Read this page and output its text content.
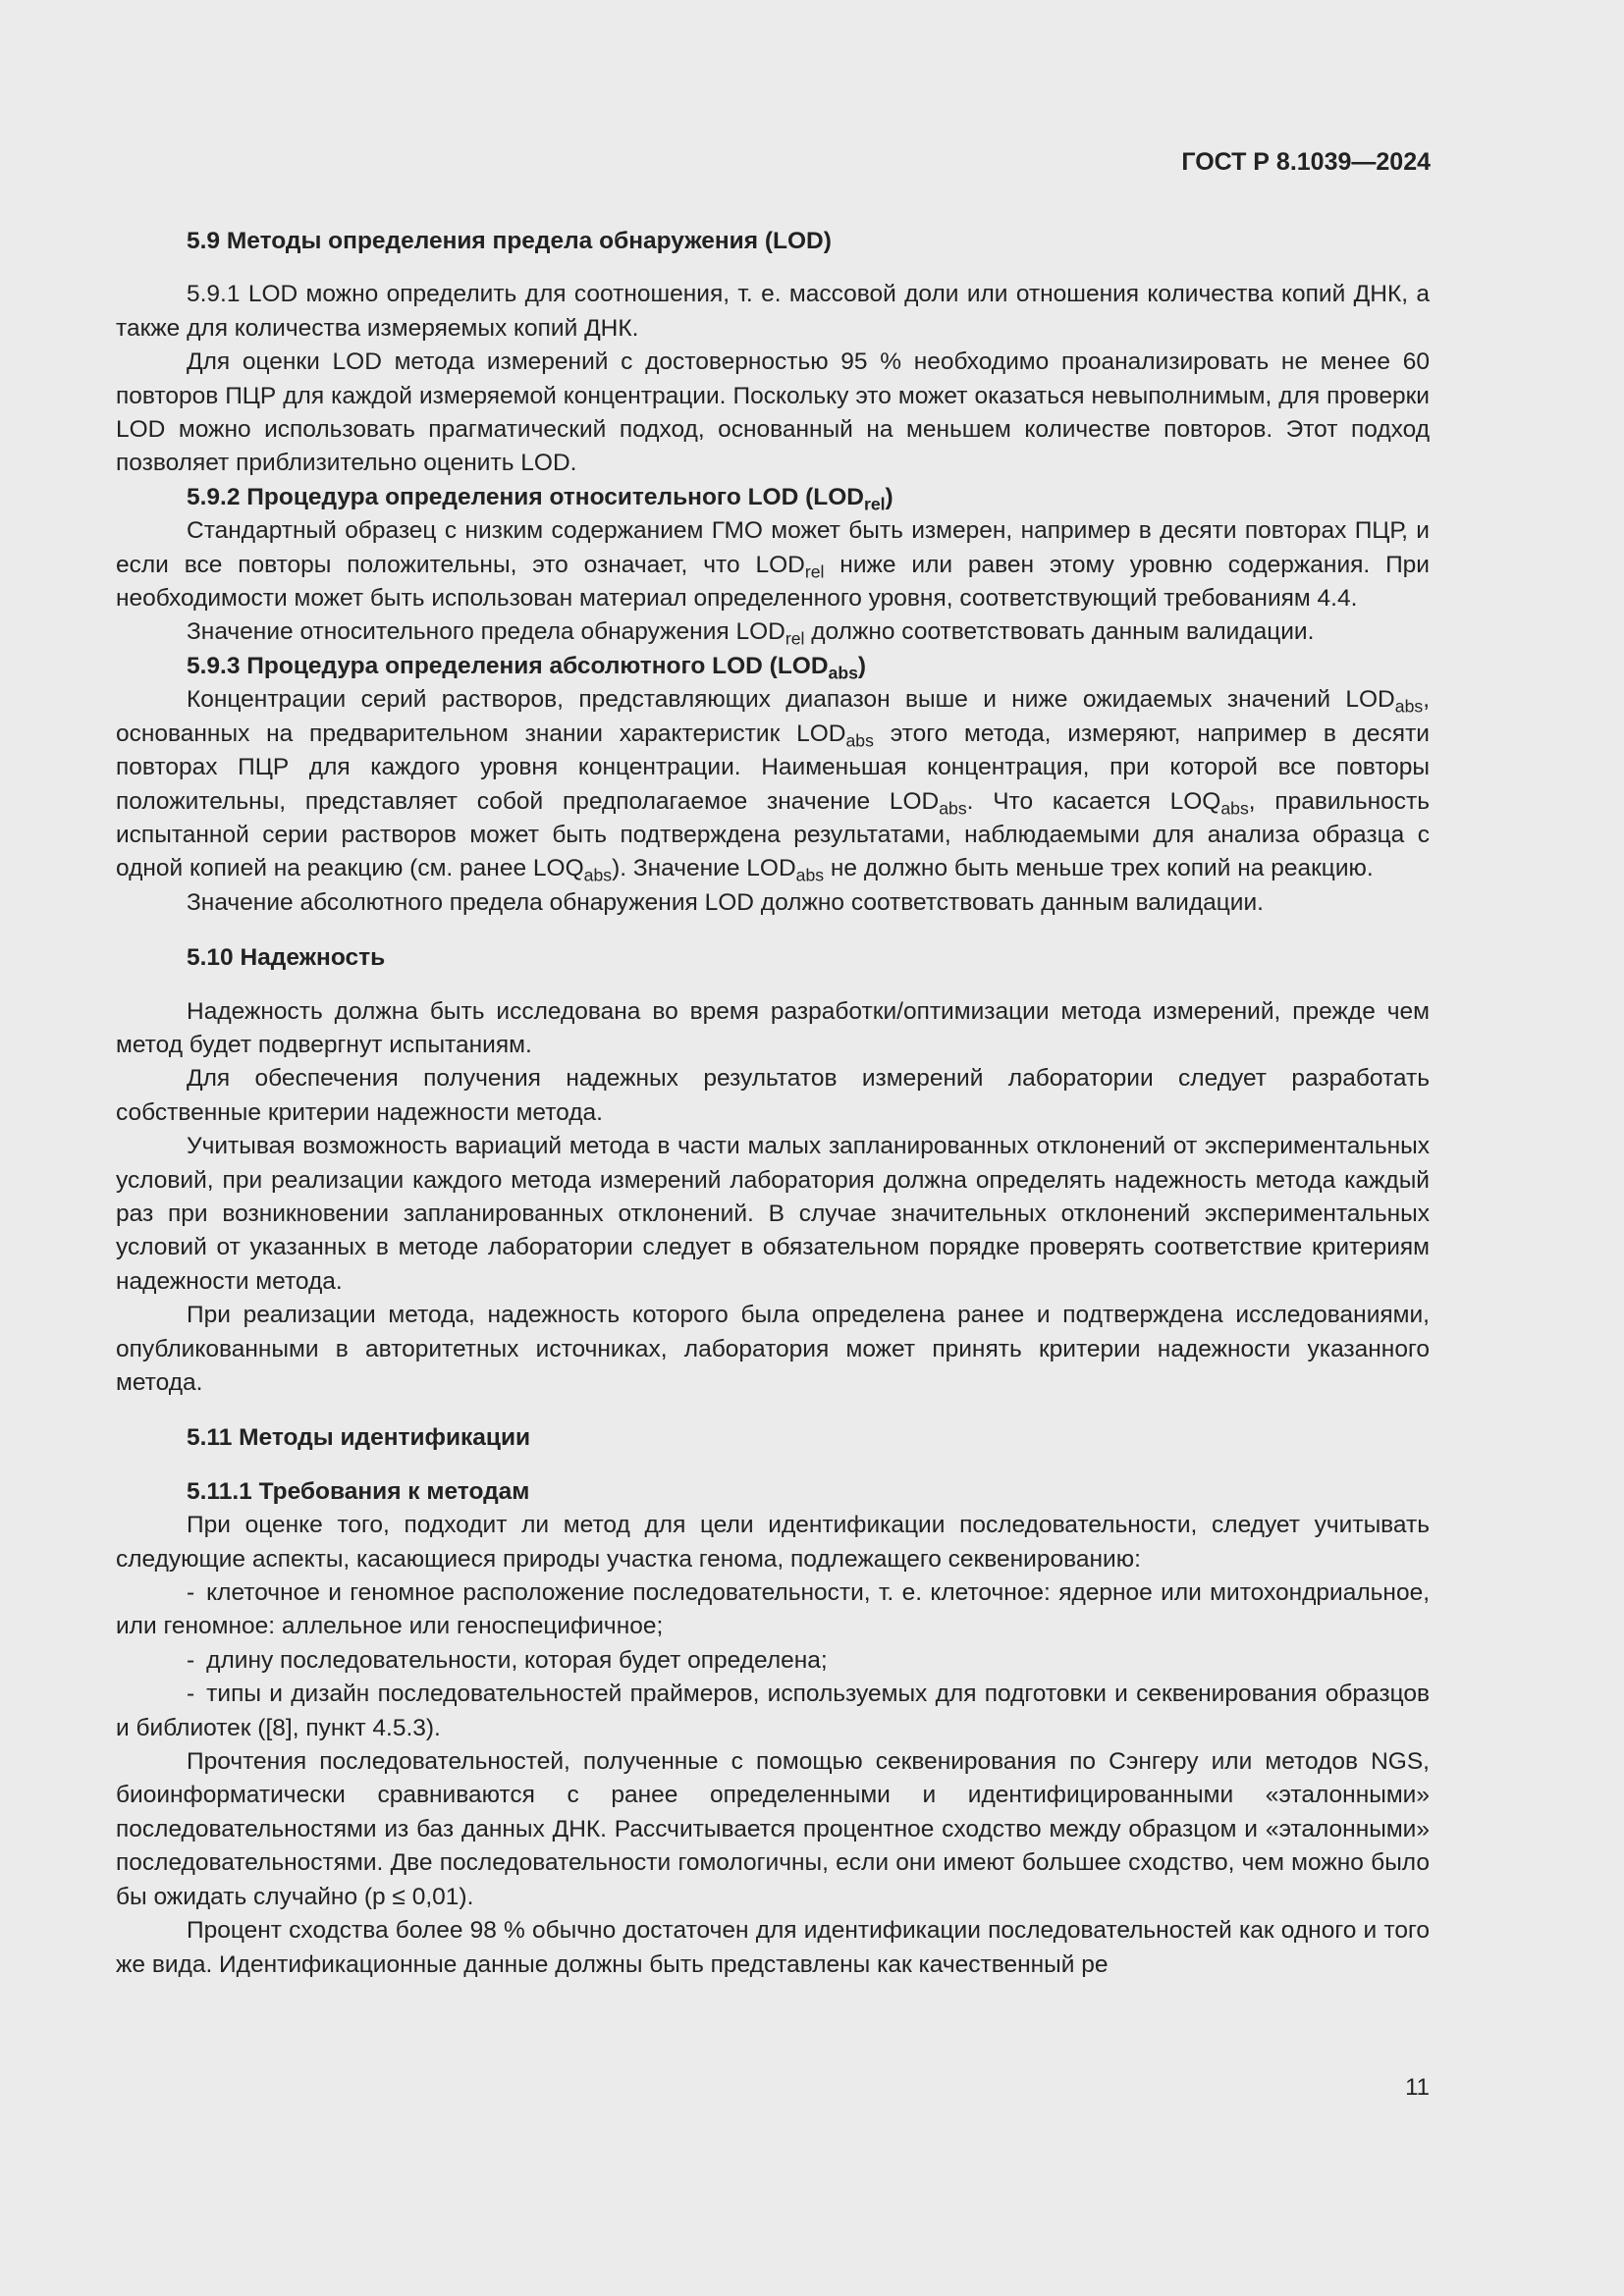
ГОСТ Р 8.1039—2024
5.9 Методы определения предела обнаружения (LOD)
5.9.1 LOD можно определить для соотношения, т. е. массовой доли или отношения количества копий ДНК, а также для количества измеряемых копий ДНК.
Для оценки LOD метода измерений с достоверностью 95 % необходимо проанализировать не менее 60 повторов ПЦР для каждой измеряемой концентрации. Поскольку это может оказаться невыполнимым, для проверки LOD можно использовать прагматический подход, основанный на меньшем количестве повторов. Этот подход позволяет приблизительно оценить LOD.
5.9.2 Процедура определения относительного LOD $(LOD_{rel})$
Стандартный образец с низким содержанием ГМО может быть измерен, например в десяти повторах ПЦР, и если все повторы положительны, это означает, что $LOD_{rel}$ ниже или равен этому уровню содержания. При необходимости может быть использован материал определенного уровня, соответствующий требованиям 4.4.
Значение относительного предела обнаружения $LOD_{rel}$ должно соответствовать данным валидации.
5.9.3 Процедура определения абсолютного LOD $(LOD_{abs})$
Концентрации серий растворов, представляющих диапазон выше и ниже ожидаемых значений $LOD_{abs}$, основанных на предварительном знании характеристик $LOD_{abs}$ этого метода, измеряют, например в десяти повторах ПЦР для каждого уровня концентрации. Наименьшая концентрация, при которой все повторы положительны, представляет собой предполагаемое значение $LOD_{abs}$. Что касается $LOQ_{abs}$, правильность испытанной серии растворов может быть подтверждена результатами, наблюдаемыми для анализа образца с одной копией на реакцию (см. ранее $LOQ_{abs}$). Значение $LOD_{abs}$ не должно быть меньше трех копий на реакцию.
Значение абсолютного предела обнаружения LOD должно соответствовать данным валидации.
5.10 Надежность
Надежность должна быть исследована во время разработки/оптимизации метода измерений, прежде чем метод будет подвергнут испытаниям.
Для обеспечения получения надежных результатов измерений лаборатории следует разработать собственные критерии надежности метода.
Учитывая возможность вариаций метода в части малых запланированных отклонений от экспериментальных условий, при реализации каждого метода измерений лаборатория должна определять надежность метода каждый раз при возникновении запланированных отклонений. В случае значительных отклонений экспериментальных условий от указанных в методе лаборатории следует в обязательном порядке проверять соответствие критериям надежности метода.
При реализации метода, надежность которого была определена ранее и подтверждена исследованиями, опубликованными в авторитетных источниках, лаборатория может принять критерии надежности указанного метода.
5.11 Методы идентификации
5.11.1 Требования к методам
При оценке того, подходит ли метод для цели идентификации последовательности, следует учитывать следующие аспекты, касающиеся природы участка генома, подлежащего секвенированию:
- клеточное и геномное расположение последовательности, т. е. клеточное: ядерное или митохондриальное, или геномное: аллельное или геноспецифичное;
- длину последовательности, которая будет определена;
- типы и дизайн последовательностей праймеров, используемых для подготовки и секвенирования образцов и библиотек ([8], пункт 4.5.3).
Прочтения последовательностей, полученные с помощью секвенирования по Сэнгеру или методов NGS, биоинформатически сравниваются с ранее определенными и идентифицированными «эталонными» последовательностями из баз данных ДНК. Рассчитывается процентное сходство между образцом и «эталонными» последовательностями. Две последовательности гомологичны, если они имеют большее сходство, чем можно было бы ожидать случайно (p ≤ 0,01).
Процент сходства более 98 % обычно достаточен для идентификации последовательностей как одного и того же вида. Идентификационные данные должны быть представлены как качественный ре
11
